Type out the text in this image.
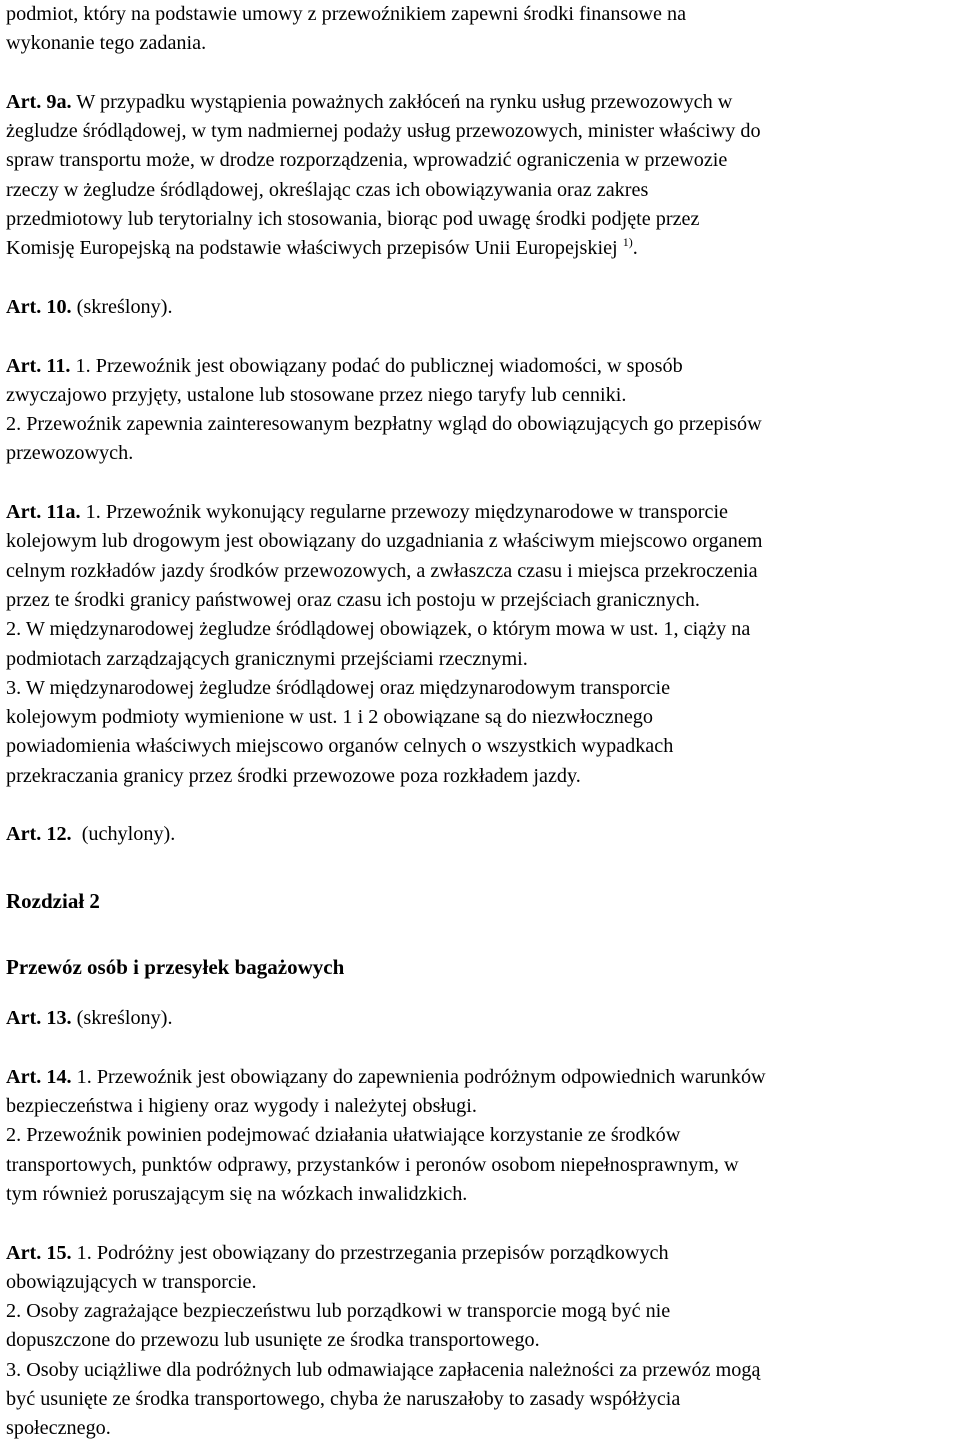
podmiot, który na podstawie umowy z przewoźnikiem zapewni środki finansowe na
wykonanie tego zadania.
Art. 9a. W przypadku wystąpienia poważnych zakłóceń na rynku usług przewozowych w
żegludze śródlądowej, w tym nadmiernej podaży usług przewozowych, minister właściwy do
spraw transportu może, w drodze rozporządzenia, wprowadzić ograniczenia w przewozie
rzeczy w żegludze śródlądowej, określając czas ich obowiązywania oraz zakres
przedmiotowy lub terytorialny ich stosowania, biorąc pod uwagę środki podjęte przez
Komisję Europejską na podstawie właściwych przepisów Unii Europejskiej $^{1)}$.
Art. 10. (skreślony).
Art. 11. 1. Przewoźnik jest obowiązany podać do publicznej wiadomości, w sposób
zwyczajowo przyjęty, ustalone lub stosowane przez niego taryfy lub cenniki.
2. Przewoźnik zapewnia zainteresowanym bezpłatny wgląd do obowiązujących go przepisów
przewozowych.
Art. 11a. 1. Przewoźnik wykonujący regularne przewozy międzynarodowe w transporcie
kolejowym lub drogowym jest obowiązany do uzgadniania z właściwym miejscowo organem
celnym rozkładów jazdy środków przewozowych, a zwłaszcza czasu i miejsca przekroczenia
przez te środki granicy państwowej oraz czasu ich postoju w przejściach granicznych.
2. W międzynarodowej żegludze śródlądowej obowiązek, o którym mowa w ust. 1, ciąży na
podmiotach zarządzających granicznymi przejściami rzecznymi.
3. W międzynarodowej żegludze śródlądowej oraz międzynarodowym transporcie
kolejowym podmioty wymienione w ust. 1 i 2 obowiązane są do niezwłocznego
powiadomienia właściwych miejscowo organów celnych o wszystkich wypadkach
przekraczania granicy przez środki przewozowe poza rozkładem jazdy.
Art. 12.  (uchylony).
Rozdział 2
Przewóz osób i przesyłek bagażowych
Art. 13. (skreślony).
Art. 14. 1. Przewoźnik jest obowiązany do zapewnienia podróżnym odpowiednich warunków
bezpieczeństwa i higieny oraz wygody i należytej obsługi.
2. Przewoźnik powinien podejmować działania ułatwiające korzystanie ze środków
transportowych, punktów odprawy, przystanków i peronów osobom niepełnosprawnym, w
tym również poruszającym się na wózkach inwalidzkich.
Art. 15. 1. Podróżny jest obowiązany do przestrzegania przepisów porządkowych
obowiązujących w transporcie.
2. Osoby zagrażające bezpieczeństwu lub porządkowi w transporcie mogą być nie
dopuszczone do przewozu lub usunięte ze środka transportowego.
3. Osoby uciążliwe dla podróżnych lub odmawiające zapłacenia należności za przewóz mogą
być usunięte ze środka transportowego, chyba że naruszałoby to zasady współżycia
społecznego.
